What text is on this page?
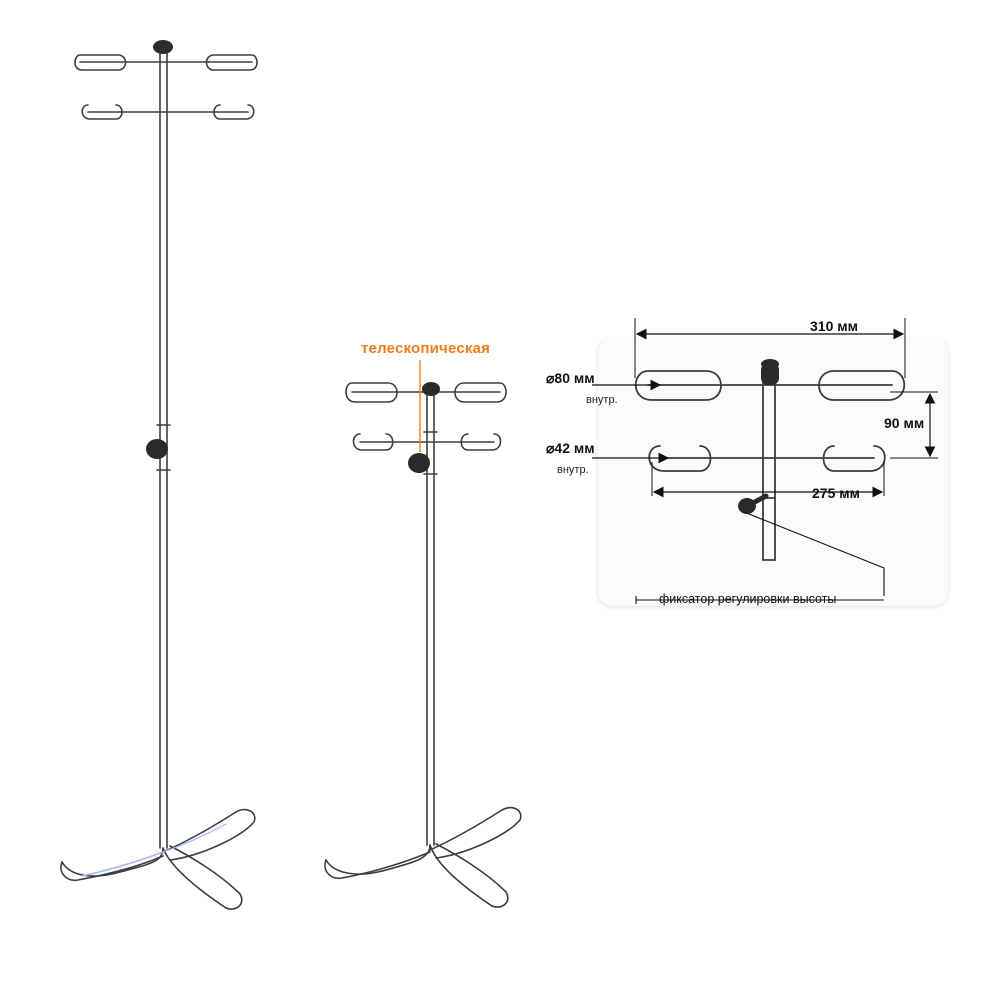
телескопическая
310 мм
⌀80 мм
внутр.
⌀42 мм
внутр.
90 мм
275 мм
фиксатор регулировки высоты
